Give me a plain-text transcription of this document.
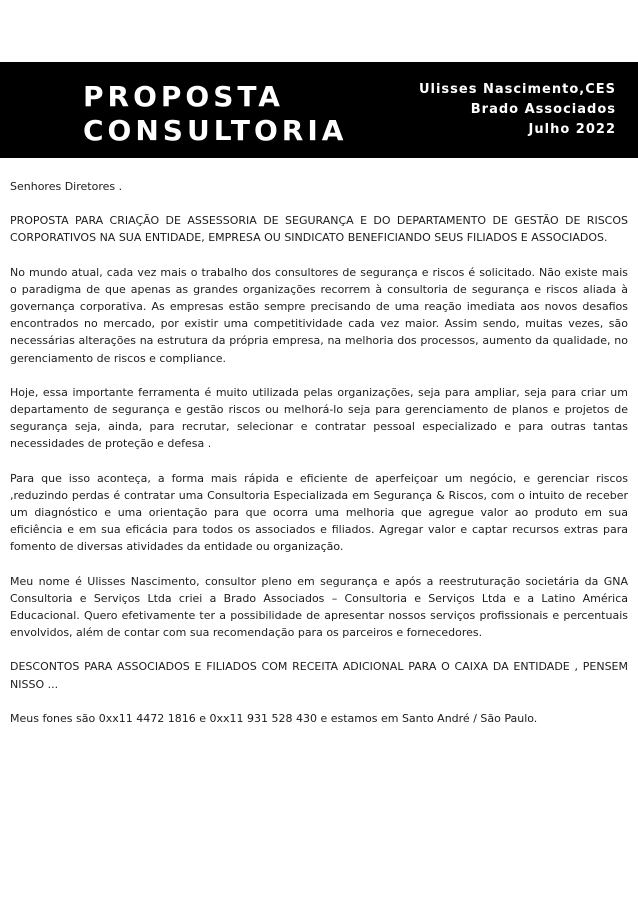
PROPOSTA
CONSULTORIA
Ulisses Nascimento,CES
Brado Associados
Julho 2022

Senhores Diretores .

PROPOSTA PARA CRIAÇÃO DE ASSESSORIA DE SEGURANÇA E DO DEPARTAMENTO DE GESTÃO DE RISCOS CORPORATIVOS NA SUA ENTIDADE, EMPRESA OU SINDICATO BENEFICIANDO SEUS FILIADOS E ASSOCIADOS.

No mundo atual, cada vez mais o trabalho dos consultores de segurança e riscos é solicitado. Não existe mais o paradigma de que apenas as grandes organizações recorrem à consultoria de segurança e riscos aliada à governança corporativa. As empresas estão sempre precisando de uma reação imediata aos novos desafios encontrados no mercado, por existir uma competitividade cada vez maior. Assim sendo, muitas vezes, são necessárias alterações na estrutura da própria empresa, na melhoria dos processos, aumento da qualidade, no gerenciamento de riscos e compliance.

Hoje, essa importante ferramenta é muito utilizada pelas organizações, seja para ampliar, seja para criar um departamento de segurança e gestão riscos ou melhorá-lo seja para gerenciamento de planos e projetos de segurança seja, ainda, para recrutar, selecionar e contratar pessoal especializado e para outras tantas necessidades de proteção e defesa .

Para que isso aconteça, a forma mais rápida e eficiente de aperfeiçoar um negócio, e gerenciar riscos ,reduzindo perdas é contratar uma Consultoria Especializada em Segurança & Riscos, com o intuito de receber um diagnóstico e uma orientação para que ocorra uma melhoria que agregue valor ao produto em sua eficiência e em sua eficácia para todos os associados e filiados. Agregar valor e captar recursos extras para fomento de diversas atividades da entidade ou organização.

Meu nome é Ulisses Nascimento, consultor pleno em segurança e após a reestruturação societária da GNA Consultoria e Serviços Ltda criei a Brado Associados – Consultoria e Serviços Ltda e a Latino América Educacional. Quero efetivamente ter a possibilidade de apresentar nossos serviços profissionais e percentuais envolvidos, além de contar com sua recomendação para os parceiros e fornecedores.

DESCONTOS PARA ASSOCIADOS E FILIADOS COM RECEITA ADICIONAL PARA O CAIXA DA ENTIDADE , PENSEM NISSO ...

Meus fones são 0xx11 4472 1816 e 0xx11 931 528 430 e estamos em Santo André / São Paulo.
